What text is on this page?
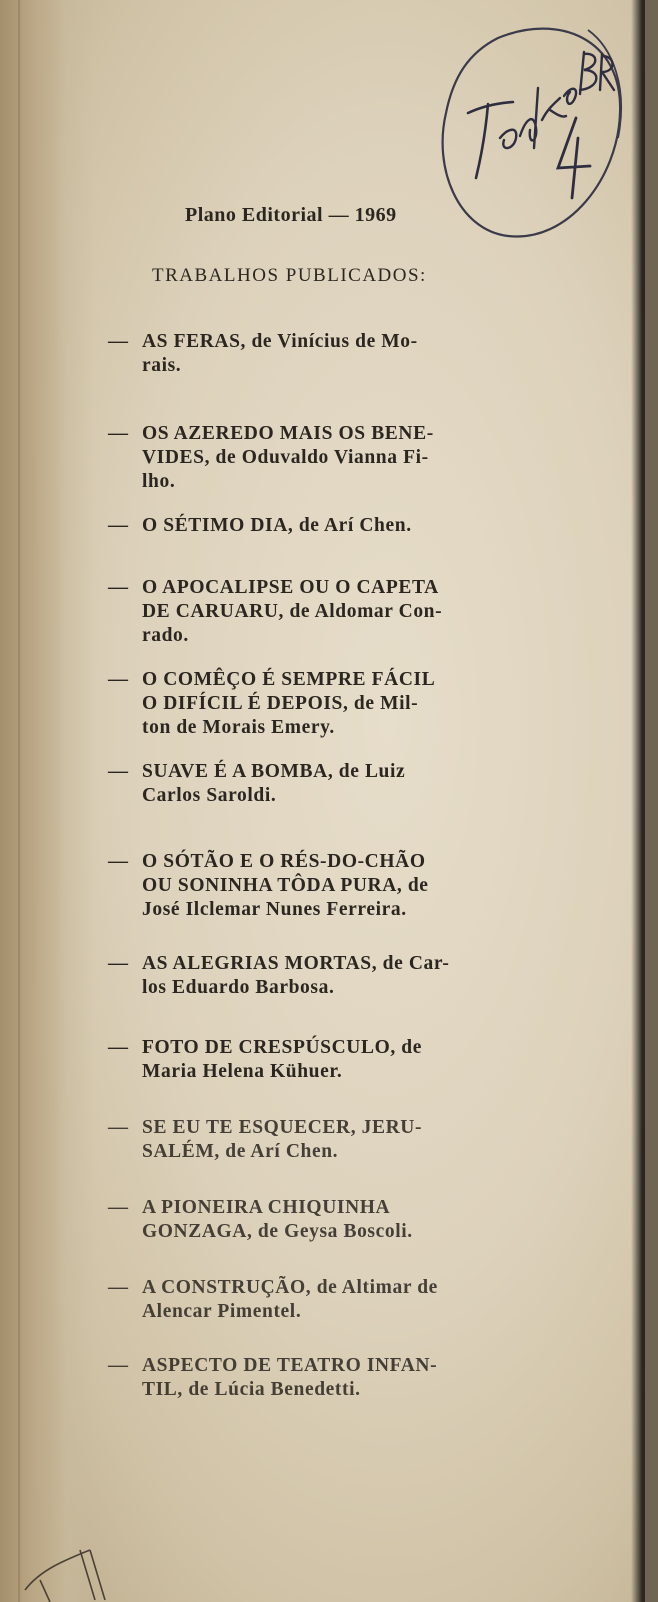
Plano Editorial — 1969
TRABALHOS PUBLICADOS:
— AS FERAS, de Vinícius de Mo-
rais.
— OS AZEREDO MAIS OS BENE-
VIDES, de Oduvaldo Vianna Fi-
lho.
— O SÉTIMO DIA, de Arí Chen.
— O APOCALIPSE OU O CAPETA
DE CARUARU, de Aldomar Con-
rado.
— O COMÊÇO É SEMPRE FÁCIL
O DIFÍCIL É DEPOIS, de Mil-
ton de Morais Emery.
— SUAVE É A BOMBA, de Luiz
Carlos Saroldi.
— O SÓTÃO E O RÉS-DO-CHÃO
OU SONINHA TÔDA PURA, de
José Ilclemar Nunes Ferreira.
— AS ALEGRIAS MORTAS, de Car-
los Eduardo Barbosa.
— FOTO DE CRESPÚSCULO, de
Maria Helena Kühuer.
— SE EU TE ESQUECER, JERU-
SALÉM, de Arí Chen.
— A PIONEIRA CHIQUINHA
GONZAGA, de Geysa Boscoli.
— A CONSTRUÇÃO, de Altimar de
Alencar Pimentel.
— ASPECTO DE TEATRO INFAN-
TIL, de Lúcia Benedetti.
